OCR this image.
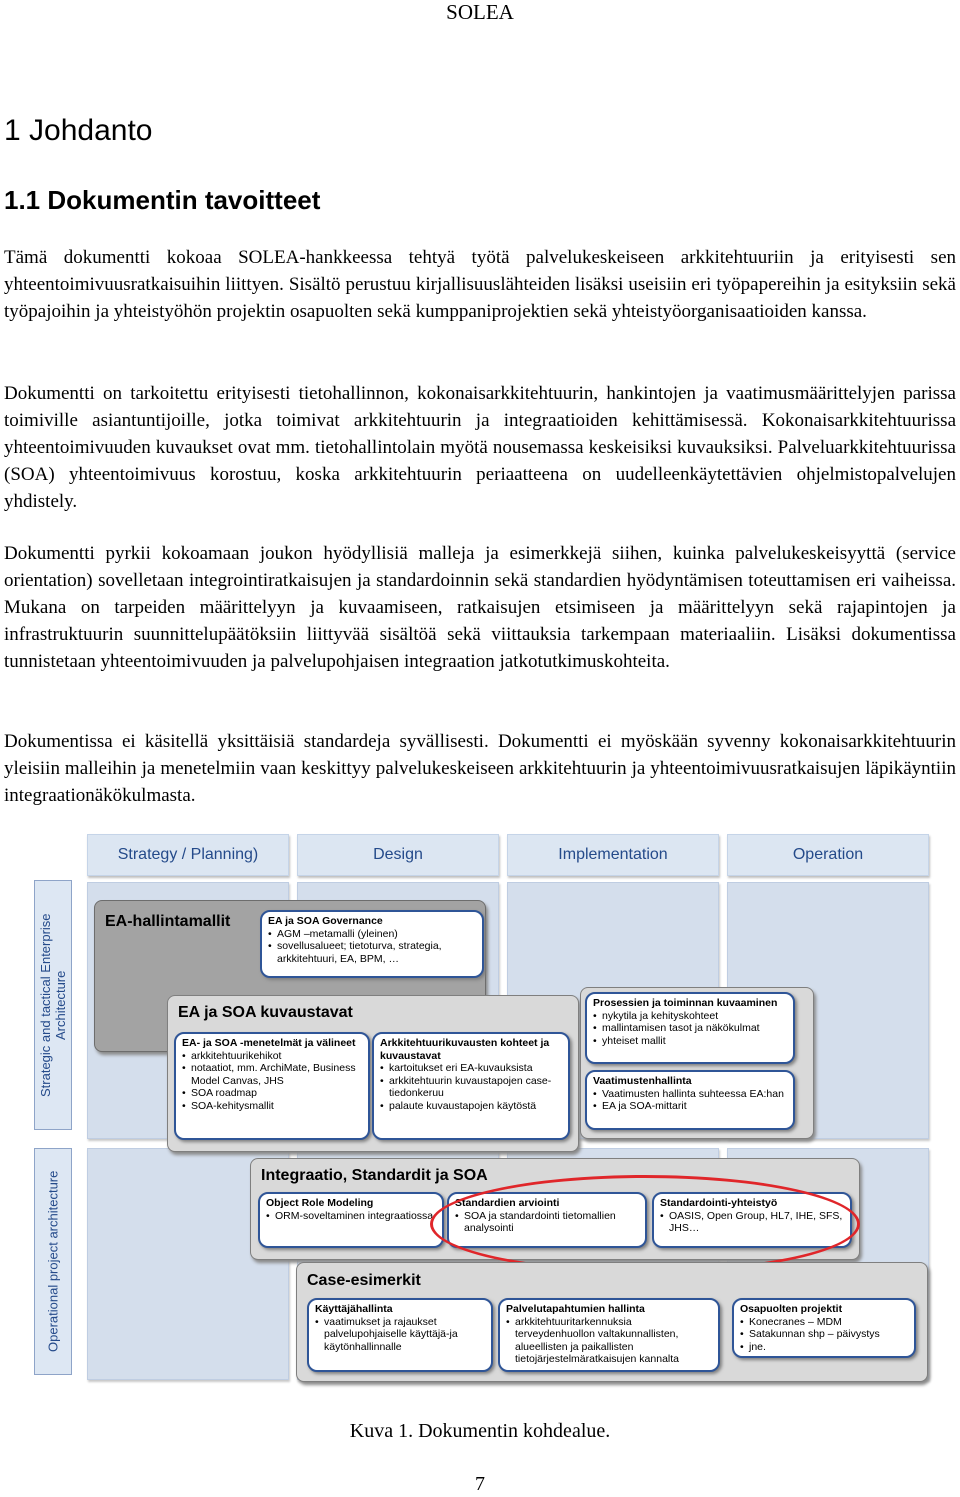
SOLEA
1 Johdanto
1.1 Dokumentin tavoitteet
Tämä dokumentti kokoaa SOLEA-hankkeessa tehtyä työtä palvelukeskeiseen arkkitehtuuriin ja erityisesti sen yhteentoimivuusratkaisuihin liittyen. Sisältö perustuu kirjallisuuslähteiden lisäksi useisiin eri työpapereihin ja esityksiin sekä työpajoihin ja yhteistyöhön projektin osapuolten sekä kumppaniprojektien sekä yhteistyöorganisaatioiden kanssa.
Dokumentti on tarkoitettu erityisesti tietohallinnon, kokonaisarkkitehtuurin, hankintojen ja vaatimusmäärittelyjen parissa toimiville asiantuntijoille, jotka toimivat arkkitehtuurin ja integraatioiden kehittämisessä. Kokonaisarkkitehtuurissa yhteentoimivuuden kuvaukset ovat mm. tietohallintolain myötä nousemassa keskeisiksi kuvauksiksi. Palveluarkkitehtuurissa (SOA) yhteentoimivuus korostuu, koska arkkitehtuurin periaatteena on uudelleenkäytettävien ohjelmistopalvelujen yhdistely.
Dokumentti pyrkii kokoamaan joukon hyödyllisiä malleja ja esimerkkejä siihen, kuinka palvelukeskeisyyttä (service orientation) sovelletaan integrointiratkaisujen ja standardoinnin sekä standardien hyödyntämisen toteuttamisen eri vaiheissa. Mukana on tarpeiden määrittelyyn ja kuvaamiseen, ratkaisujen etsimiseen ja määrittelyyn sekä rajapintojen ja infrastruktuurin suunnittelupäätöksiin liittyvää sisältöä sekä viittauksia tarkempaan materiaaliin. Lisäksi dokumentissa tunnistetaan yhteentoimivuuden ja palvelupohjaisen integraation jatkotutkimuskohteita.
Dokumentissa ei käsitellä yksittäisiä standardeja syvällisesti. Dokumentti ei myöskään syvenny kokonaisarkkitehtuurin yleisiin malleihin ja menetelmiin vaan keskittyy palvelukeskeiseen arkkitehtuurin ja yhteentoimivuusratkaisujen läpikäyntiin integraationäkökulmasta.
Strategy / Planning)	Design	Implementation	Operation
Strategic and tactical Enterprise Architecture
Operational project architecture
EA-hallintamallit	EA ja SOA Governance
• AGM –metamalli (yleinen)
• sovellusalueet; tietoturva, strategia, arkkitehtuuri, EA, BPM, …
EA ja SOA kuvaustavat
EA- ja SOA -menetelmät ja välineet
• arkkitehtuurikehikot
• notaatiot, mm. ArchiMate, Business Model Canvas, JHS
• SOA roadmap
• SOA-kehitysmallit
Arkkitehtuurikuvausten kohteet ja kuvaustavat
• kartoitukset eri EA-kuvauksista
• arkkitehtuurin kuvaustapojen case-tiedonkeruu
• palaute kuvaustapojen käytöstä
Prosessien ja toiminnan kuvaaminen
• nykytila ja kehityskohteet
• mallintamisen tasot ja näkökulmat
• yhteiset mallit
Vaatimustenhallinta
• Vaatimusten hallinta suhteessa EA:han
• EA ja SOA-mittarit
Integraatio, Standardit ja SOA
Object Role Modeling
• ORM-soveltaminen integraatiossa
Standardien arviointi
• SOA ja standardointi tietomallien analysointi
Standardointi-yhteistyö
• OASIS, Open Group, HL7, IHE, SFS, JHS…
Case-esimerkit
Käyttäjähallinta
• vaatimukset ja rajaukset palvelupohjaiselle käyttäjä-ja käytönhallinnalle
Palvelutapahtumien hallinta
• arkkitehtuuritarkennuksia terveydenhuollon valtakunnallisten, alueellisten ja paikallisten tietojärjestelmäratkaisujen kannalta
Osapuolten projektit
• Konecranes – MDM
• Satakunnan shp – päivystys
• jne.
Kuva 1. Dokumentin kohdealue.
7
